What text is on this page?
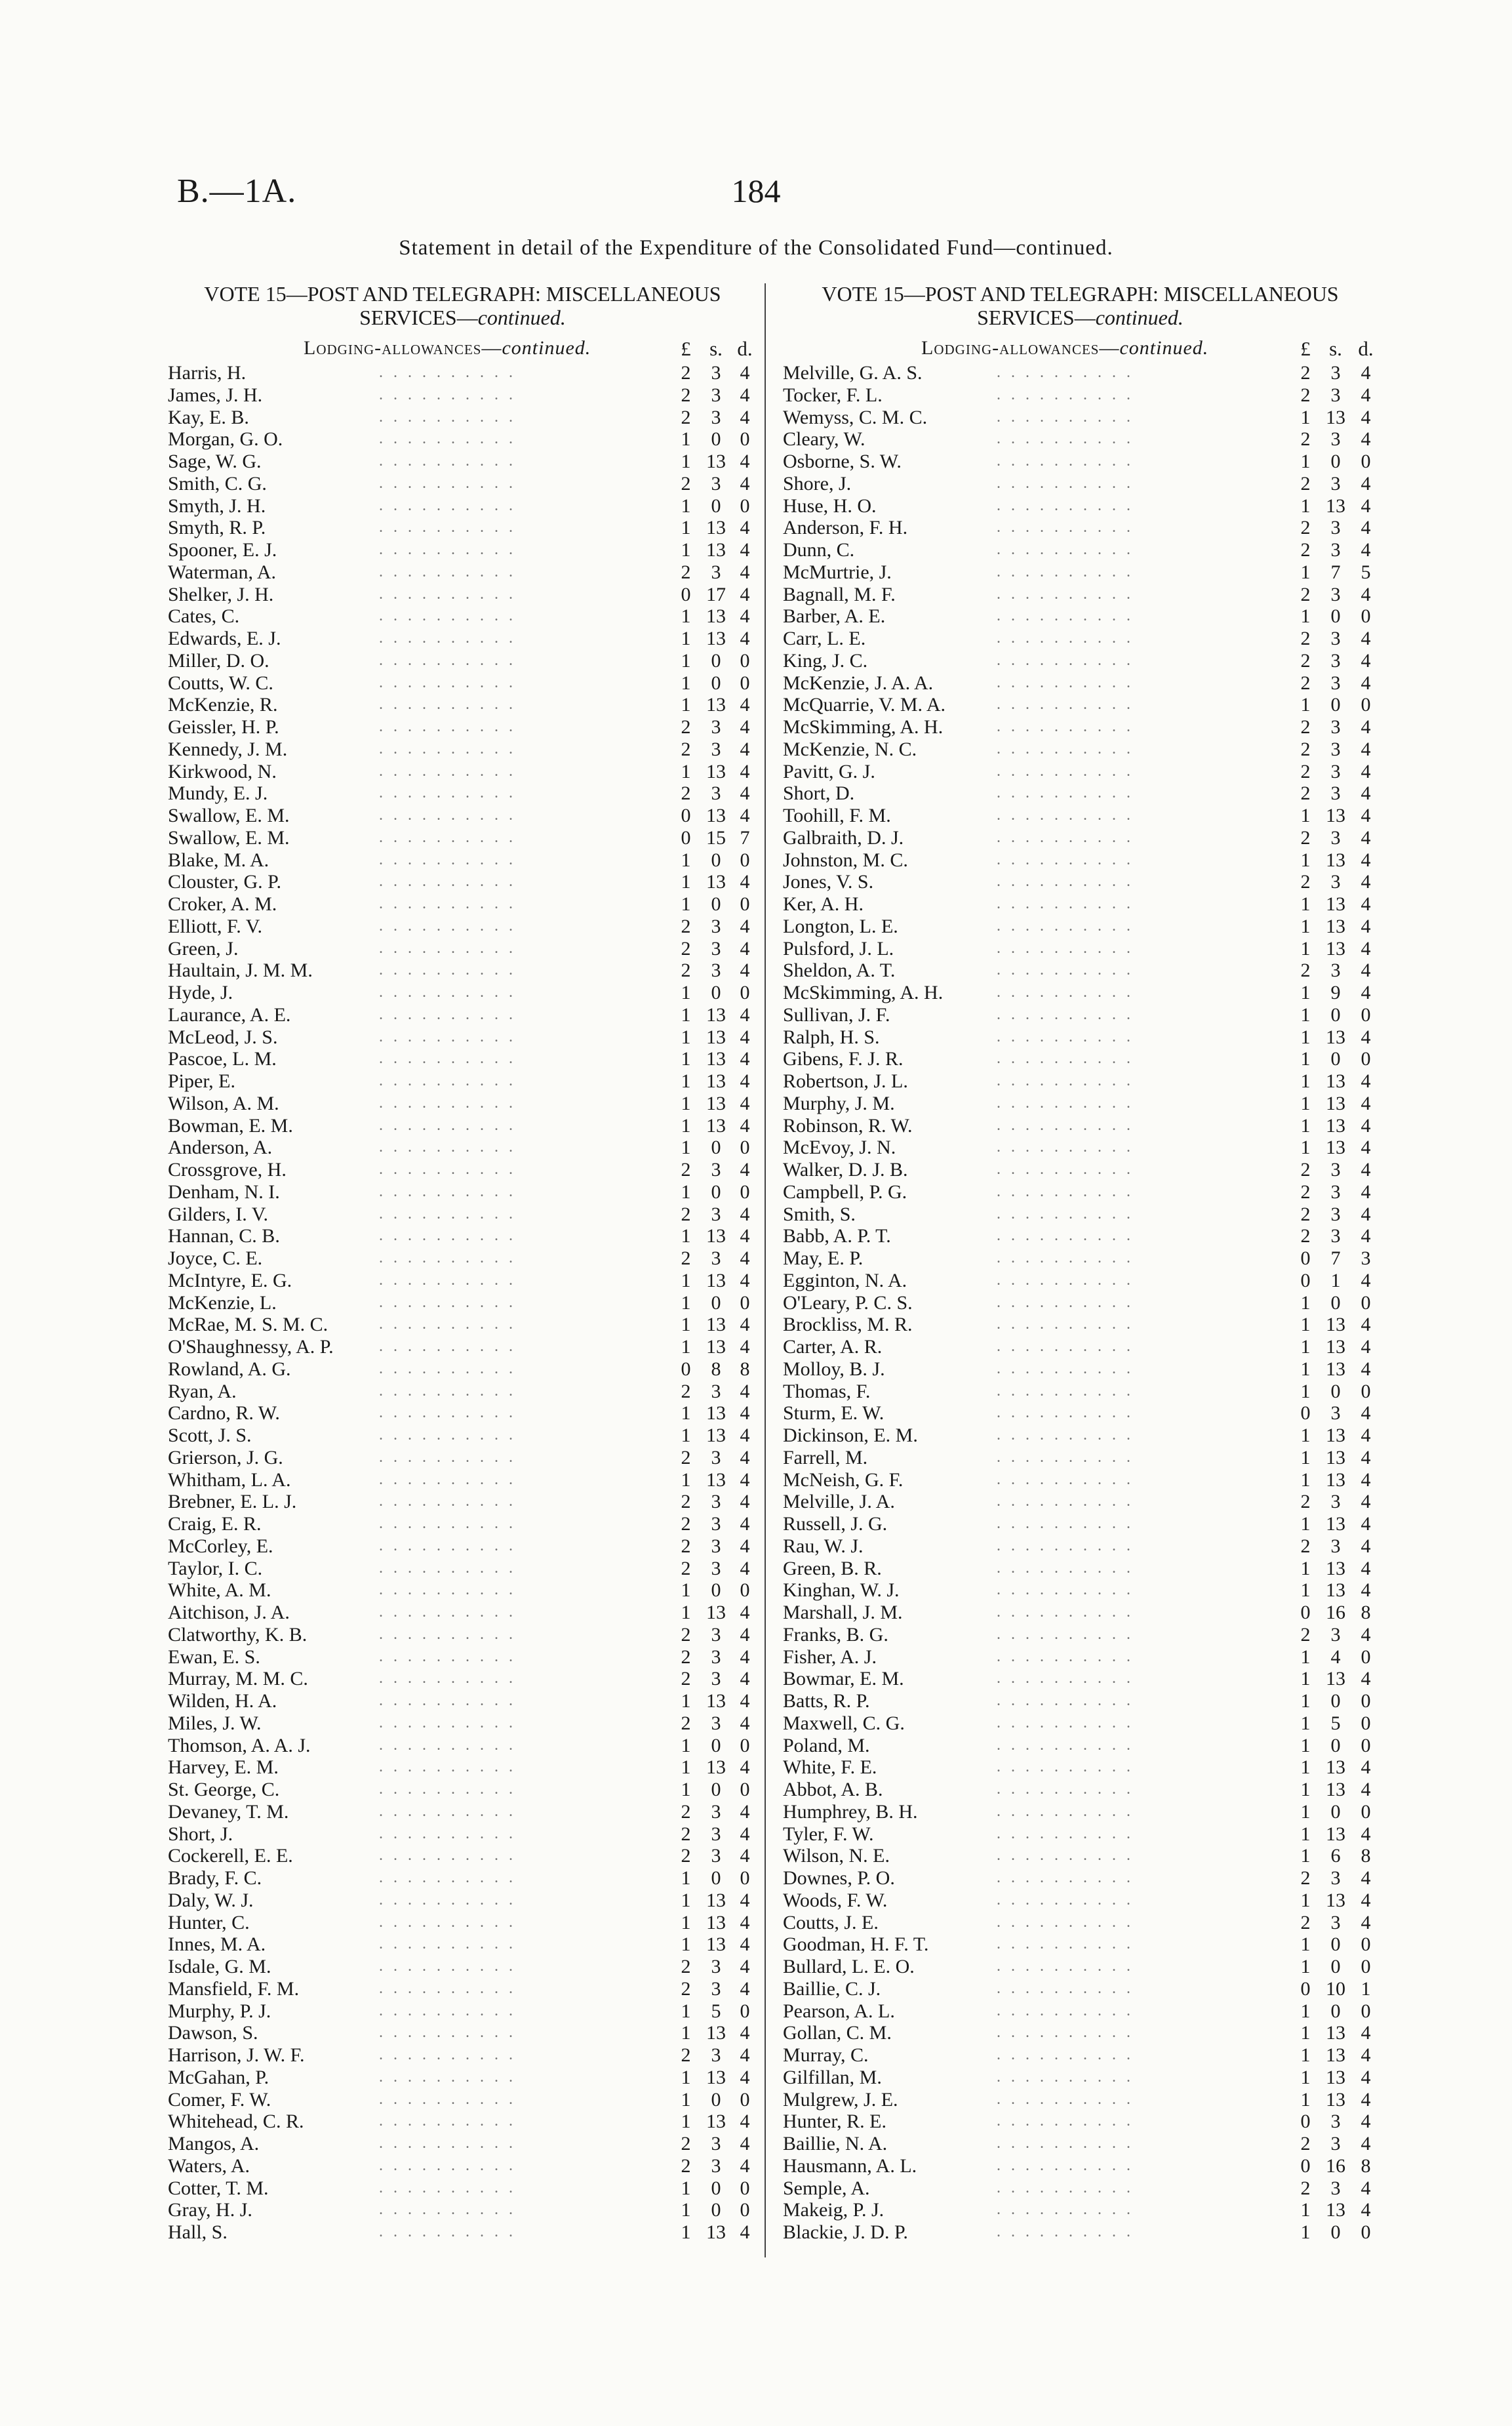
B.—1A.	184
Statement in detail of the Expenditure of the Consolidated Fund—continued.
VOTE 15—POST AND TELEGRAPH: MISCELLANEOUS
SERVICES—continued.
Lodging-allowances—continued.	£ s. d.
Harris, H.	..........	2	3 4
James, J. H.	..........	2	3 4
Kay, E. B.	..........	2	3 4
Morgan, G. O.	..........	1	0 0
Sage, W. G.	..........	1 13 4
Smith, C. G.	..........	2	3 4
Smyth, J. H.	..........	1	0 0
Smyth, R. P.	..........	1 13 4
Spooner, E. J.	..........	1 13 4
Waterman, A.	..........	2	3 4
Shelker, J. H.	..........	0 17 4
Cates, C.	..........	1 13 4
Edwards, E. J.	..........	1 13 4
Miller, D. O.	..........	1	0 0
Coutts, W. C.	..........	1	0 0
McKenzie, R.	..........	1 13 4
Geissler, H. P.	..........	2	3 4
Kennedy, J. M.	..........	2	3 4
Kirkwood, N.	..........	1 13 4
Mundy, E. J.	..........	2	3 4
Swallow, E. M.	..........	0 13 4
Swallow, E. M.	..........	0 15 7
Blake, M. A.	..........	1	0 0
Clouster, G. P.	..........	1 13 4
Croker, A. M.	..........	1	0 0
Elliott, F. V.	..........	2	3 4
Green, J.	..........	2	3 4
Haultain, J. M. M.	..........	2	3 4
Hyde, J.	..........	1	0 0
Laurance, A. E.	..........	1 13 4
McLeod, J. S.	..........	1 13 4
Pascoe, L. M.	..........	1 13 4
Piper, E.	..........	1 13 4
Wilson, A. M.	..........	1 13 4
Bowman, E. M.	..........	1 13 4
Anderson, A.	..........	1	0 0
Crossgrove, H.	..........	2	3 4
Denham, N. I.	..........	1	0 0
Gilders, I. V.	..........	2	3 4
Hannan, C. B.	..........	1 13 4
Joyce, C. E.	..........	2	3 4
McIntyre, E. G.	..........	1 13 4
McKenzie, L.	..........	1	0 0
McRae, M. S. M. C.	..........	1 13 4
O'Shaughnessy, A. P.	..........	1 13 4
Rowland, A. G.	..........	0	8 8
Ryan, A.	..........	2	3 4
Cardno, R. W.	..........	1 13 4
Scott, J. S.	..........	1 13 4
Grierson, J. G.	..........	2	3 4
Whitham, L. A.	..........	1 13 4
Brebner, E. L. J.	..........	2	3 4
Craig, E. R.	..........	2	3 4
McCorley, E.	..........	2	3 4
Taylor, I. C.	..........	2	3 4
White, A. M.	..........	1	0 0
Aitchison, J. A.	..........	1 13 4
Clatworthy, K. B.	..........	2	3 4
Ewan, E. S.	..........	2	3 4
Murray, M. M. C.	..........	2	3 4
Wilden, H. A.	..........	1 13 4
Miles, J. W.	..........	2	3 4
Thomson, A. A. J.	..........	1	0 0
Harvey, E. M.	..........	1 13 4
St. George, C.	..........	1	0 0
Devaney, T. M.	..........	2	3 4
Short, J.	..........	2	3 4
Cockerell, E. E.	..........	2	3 4
Brady, F. C.	..........	1	0 0
Daly, W. J.	..........	1 13 4
Hunter, C.	..........	1 13 4
Innes, M. A.	..........	1 13 4
Isdale, G. M.	..........	2	3 4
Mansfield, F. M.	..........	2	3 4
Murphy, P. J.	..........	1	5 0
Dawson, S.	..........	1 13 4
Harrison, J. W. F.	..........	2	3 4
McGahan, P.	..........	1 13 4
Comer, F. W.	..........	1	0 0
Whitehead, C. R.	..........	1 13 4
Mangos, A.	..........	2	3 4
Waters, A.	..........	2	3 4
Cotter, T. M.	..........	1	0 0
Gray, H. J.	..........	1	0 0
Hall, S.	..........	1 13 4
VOTE 15—POST AND TELEGRAPH: MISCELLANEOUS
SERVICES—continued.
Lodging-allowances—continued.	£ s. d.
Melville, G. A. S.	..........	2	3	4
Tocker, F. L.	..........	2	3	4
Wemyss, C. M. C.	..........	1 13 4
Cleary, W.	..........	2	3	4
Osborne, S. W.	..........	1	0	0
Shore, J.	..........	2	3	4
Huse, H. O.	..........	1 13 4
Anderson, F. H.	..........	2	3	4
Dunn, C.	..........	2	3	4
McMurtrie, J.	..........	1	7	5
Bagnall, M. F.	..........	2	3	4
Barber, A. E.	..........	1	0	0
Carr, L. E.	..........	2	3	4
King, J. C.	..........	2	3	4
McKenzie, J. A. A.	..........	2	3	4
McQuarrie, V. M. A.	..........	1	0	0
McSkimming, A. H.	..........	2	3	4
McKenzie, N. C.	..........	2	3	4
Pavitt, G. J.	..........	2	3	4
Short, D.	..........	2	3	4
Toohill, F. M.	..........	1 13 4
Galbraith, D. J.	..........	2	3	4
Johnston, M. C.	..........	1 13 4
Jones, V. S.	..........	2	3	4
Ker, A. H.	..........	1 13 4
Longton, L. E.	..........	1 13 4
Pulsford, J. L.	..........	1 13 4
Sheldon, A. T.	..........	2	3	4
McSkimming, A. H.	..........	1	9	4
Sullivan, J. F.	..........	1	0	0
Ralph, H. S.	..........	1 13 4
Gibens, F. J. R.	..........	1	0	0
Robertson, J. L.	..........	1 13 4
Murphy, J. M.	..........	1 13 4
Robinson, R. W.	..........	1 13 4
McEvoy, J. N.	..........	1 13 4
Walker, D. J. B.	..........	2	3	4
Campbell, P. G.	..........	2	3	4
Smith, S.	..........	2	3	4
Babb, A. P. T.	..........	2	3	4
May, E. P.	..........	0	7	3
Egginton, N. A.	..........	0	1	4
O'Leary, P. C. S.	..........	1	0	0
Brockliss, M. R.	..........	1 13 4
Carter, A. R.	..........	1 13 4
Molloy, B. J.	..........	1 13 4
Thomas, F.	..........	1	0	0
Sturm, E. W.	..........	0	3	4
Dickinson, E. M.	..........	1 13 4
Farrell, M.	..........	1 13 4
McNeish, G. F.	..........	1 13 4
Melville, J. A.	..........	2	3	4
Russell, J. G.	..........	1 13 4
Rau, W. J.	..........	2	3	4
Green, B. R.	..........	1 13 4
Kinghan, W. J.	..........	1 13 4
Marshall, J. M.	..........	0 16 8
Franks, B. G.	..........	2	3	4
Fisher, A. J.	..........	1	4	0
Bowmar, E. M.	..........	1 13 4
Batts, R. P.	..........	1	0	0
Maxwell, C. G.	..........	1	5	0
Poland, M.	..........	1	0	0
White, F. E.	..........	1 13 4
Abbot, A. B.	..........	1 13 4
Humphrey, B. H.	..........	1	0	0
Tyler, F. W.	..........	1 13 4
Wilson, N. E.	..........	1	6	8
Downes, P. O.	..........	2	3	4
Woods, F. W.	..........	1 13 4
Coutts, J. E.	..........	2	3	4
Goodman, H. F. T.	..........	1	0	0
Bullard, L. E. O.	..........	1	0	0
Baillie, C. J.	..........	0 10 1
Pearson, A. L.	..........	1	0	0
Gollan, C. M.	..........	1 13 4
Murray, C.	..........	1 13 4
Gilfillan, M.	..........	1 13 4
Mulgrew, J. E.	..........	1 13 4
Hunter, R. E.	..........	0	3	4
Baillie, N. A.	..........	2	3	4
Hausmann, A. L.	..........	0 16 8
Semple, A.	..........	2	3	4
Makeig, P. J.	..........	1 13 4
Blackie, J. D. P.	..........	1	0	0
